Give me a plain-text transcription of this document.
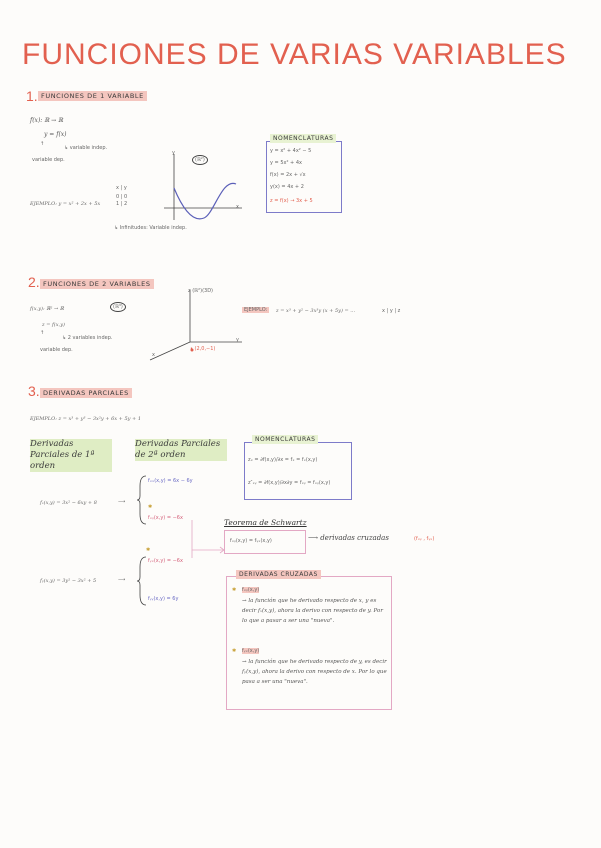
FUNCIONES DE VARIAS VARIABLES
1. FUNCIONES DE 1 VARIABLE
f(x): ℝ → ℝ
y = f(x)
↑
↳ variable indep.
variable dep.
EJEMPLO: y = x² + 2x + 5x
x | y
0 | 0
1 | 2
y
x
(ℝ²)
↳ Infinitudes: Variable indep.
NOMENCLATURAS
y = x² + 4x² − 5
y = 5x² + 4x
f(x) = 2x + √x
y(x) = 4x + 2
z = f(x) → 3x + 5
2. FUNCIONES DE 2 VARIABLES
f(x,y): ℝ² → ℝ	(ℝ³)
z = f(x,y)
↑
↳ 2 variables indep.
variable dep.
z (ℝ²)(3D)
y
x
• (2,0,−1)
EJEMPLO:	z = x³ + y² − 3x³y (x + 5y) = ...	x | y | z
3. DERIVADAS PARCIALES
EJEMPLO: z = x³ + y³ − 3x²y + 6x + 5y + 1
Derivadas Parciales de 1ª orden
Derivadas Parciales de 2ª orden
NOMENCLATURAS
zₓ = ∂f(x,y)/∂x = fₓ = fₓ(x,y)
z″ₓᵧ = ∂f(x,y)/∂x∂y = fₓᵧ = fₓᵧ(x,y)
fₓ(x,y) = 3x² − 6xy + 8	⟶
fₓₓ(x,y) = 6x − 6y
fₓᵧ(x,y) = −6x
✱
fᵧ(x,y) = 3y² − 3x² + 5	⟶
✱
fᵧₓ(x,y) = −6x
fᵧᵧ(x,y) = 6y
Teorema de Schwartz
fₓᵧ(x,y) = fᵧₓ(x,y)	⟶ derivadas cruzadas	(fₓᵧ , fᵧₓ)
DERIVADAS CRUZADAS
✱ fₓᵧ(x,y)
→ la función que he derivado respecto de x, y es decir fₓ(x,y), ahora la derivo con respecto de y. Por lo que a pasar a ser una "nueva".
✱ fᵧₓ(x,y)
→ la función que he derivado respecto de y, es decir fᵧ(x,y), ahora la derivo con respecto de x. Por lo que pasa a ser una "nueva".
